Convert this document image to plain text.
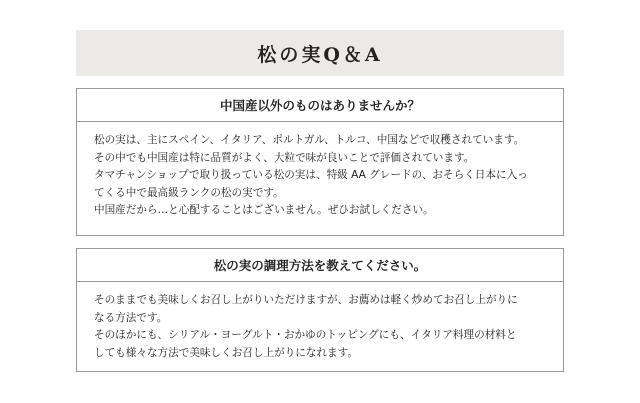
松の実Q＆A
中国産以外のものはありませんか？

松の実は、主にスペイン、イタリア、ポルトガル、トルコ、中国などで収穫されています。

その中でも中国産は特に品質がよく、大粒で味が良いことで評価されています。

タマチャンショップで取り扱っている松の実は、特級 AA グレードの、おそらく日本に入っ

てくる中で最高級ランクの松の実です。

中国産だから…と心配することはございません。ぜひお試しください。

松の実の調理方法を教えてください。

そのままでも美味しくお召し上がりいただけますが、お薦めは軽く炒めてお召し上がりに

なる方法です。

そのほかにも、シリアル・ヨーグルト・おかゆのトッピングにも、イタリア料理の材料と

しても様々な方法で美味しくお召し上がりになれます。
